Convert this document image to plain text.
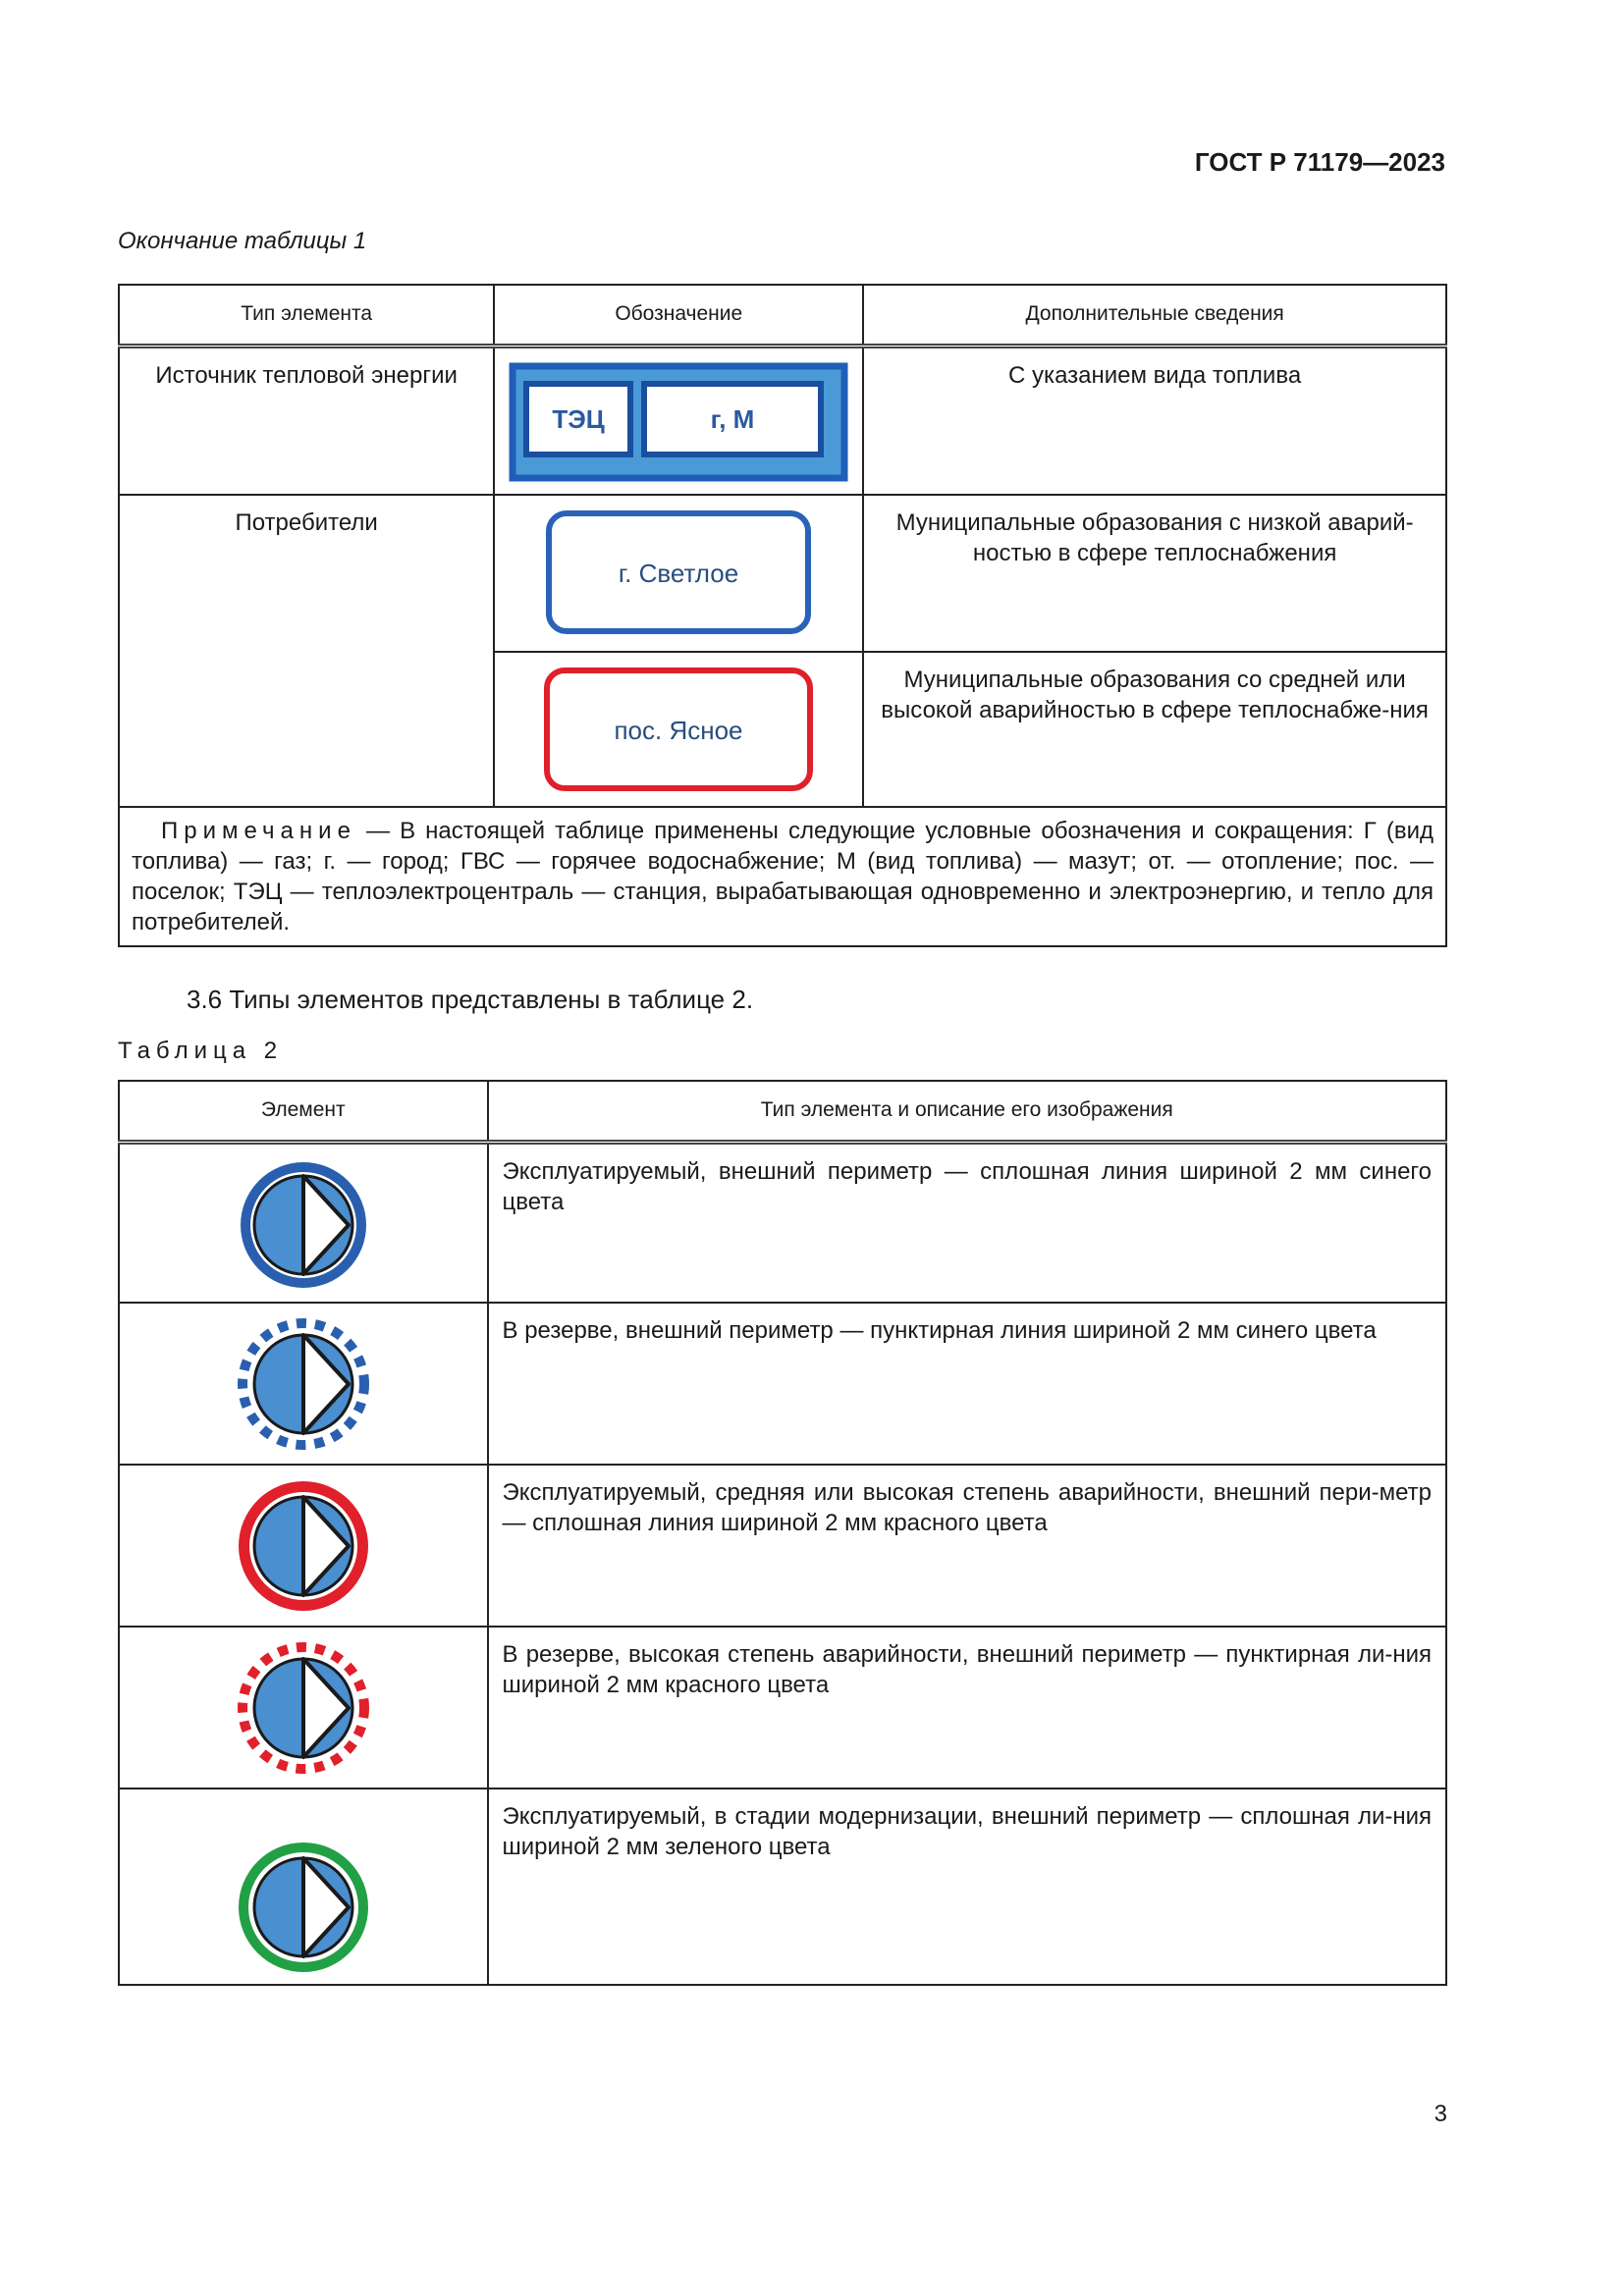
ГОСТ Р 71179—2023
Окончание таблицы 1
Тип элемента	Обозначение	Дополнительные сведения
Источник тепловой энергии	ТЭЦ г, М	С указанием вида топлива
Потребители	г. Светлое	Муниципальные образования с низкой аварий-ностью в сфере теплоснабжения

пос. Ясное	Муниципальные образования со средней или высокой аварийностью в сфере теплоснабже-ния
Примечание — В настоящей таблице применены следующие условные обозначения и сокращения: Г (вид топлива) — газ; г. — город; ГВС — горячее водоснабжение; М (вид топлива) — мазут; от. — отопление; пос. — поселок; ТЭЦ — теплоэлектроцентраль — станция, вырабатывающая одновременно и электроэнергию, и тепло для потребителей.		
3.6 Типы элементов представлены в таблице 2.
Таблица 2
Элемент	Тип элемента и описание его изображения

	Эксплуатируемый, внешний периметр — сплошная линия шириной 2 мм синего цвета

	В резерве, внешний периметр — пунктирная линия шириной 2 мм синего цвета

	Эксплуатируемый, средняя или высокая степень аварийности, внешний пери-метр — сплошная линия шириной 2 мм красного цвета

	В резерве, высокая степень аварийности, внешний периметр — пунктирная ли-ния шириной 2 мм красного цвета

	Эксплуатируемый, в стадии модернизации, внешний периметр — сплошная ли-ния шириной 2 мм зеленого цвета
3
